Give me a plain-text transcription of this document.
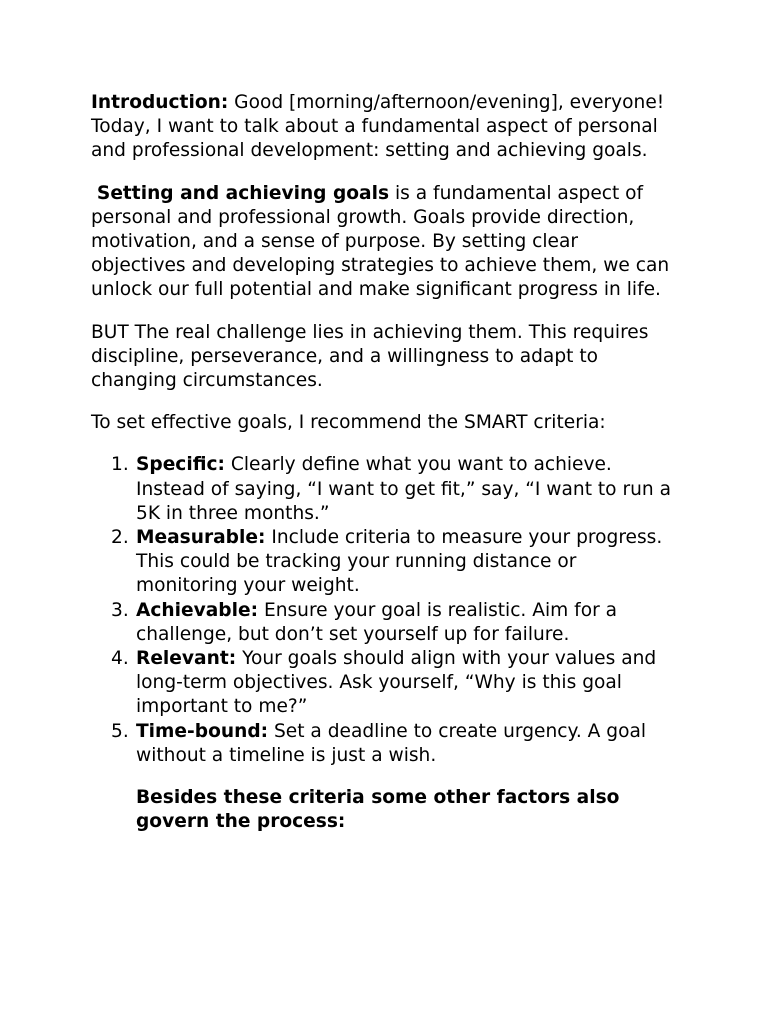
Introduction: Good [morning/afternoon/evening], everyone! Today, I want to talk about a fundamental aspect of personal and professional development: setting and achieving goals.

Setting and achieving goals is a fundamental aspect of personal and professional growth. Goals provide direction, motivation, and a sense of purpose. By setting clear objectives and developing strategies to achieve them, we can unlock our full potential and make significant progress in life.

BUT The real challenge lies in achieving them. This requires discipline, perseverance, and a willingness to adapt to changing circumstances.

To set effective goals, I recommend the SMART criteria:

1. Specific: Clearly define what you want to achieve. Instead of saying, “I want to get fit,” say, “I want to run a 5K in three months.”
2. Measurable: Include criteria to measure your progress. This could be tracking your running distance or monitoring your weight.
3. Achievable: Ensure your goal is realistic. Aim for a challenge, but don’t set yourself up for failure.
4. Relevant: Your goals should align with your values and long-term objectives. Ask yourself, “Why is this goal important to me?”
5. Time-bound: Set a deadline to create urgency. A goal without a timeline is just a wish.

Besides these criteria some other factors also govern the process:
